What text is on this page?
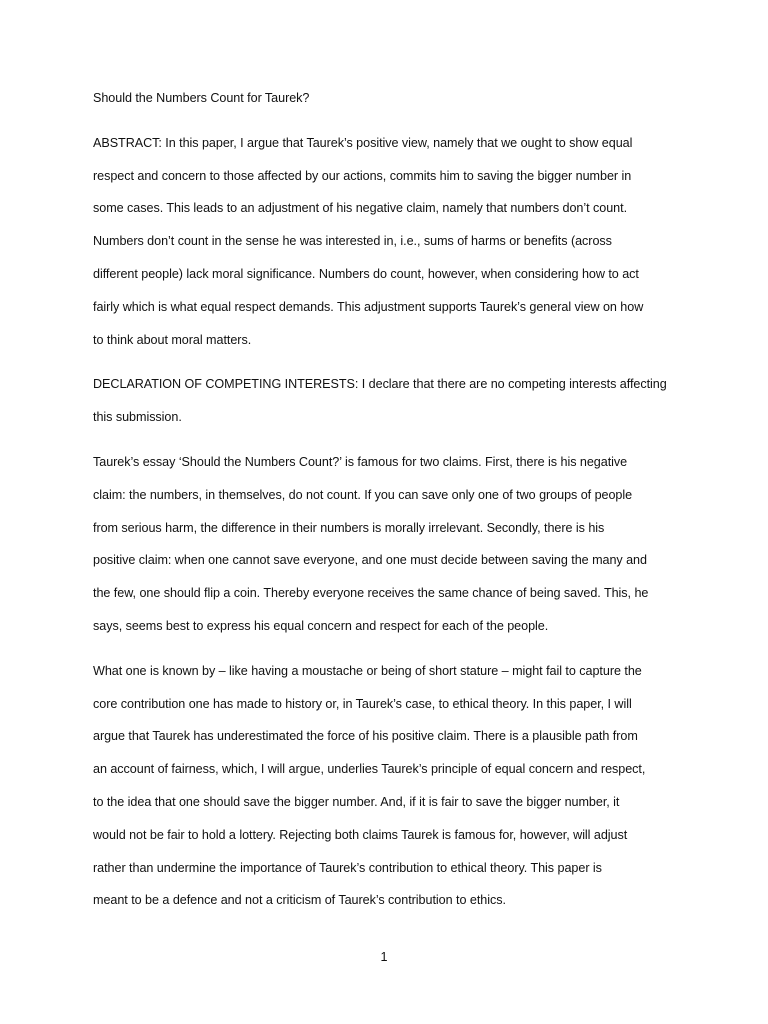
Should the Numbers Count for Taurek?
ABSTRACT: In this paper, I argue that Taurek’s positive view, namely that we ought to show equal
respect and concern to those affected by our actions, commits him to saving the bigger number in
some cases. This leads to an adjustment of his negative claim, namely that numbers don’t count.
Numbers don’t count in the sense he was interested in, i.e., sums of harms or benefits (across
different people) lack moral significance. Numbers do count, however, when considering how to act
fairly which is what equal respect demands. This adjustment supports Taurek’s general view on how
to think about moral matters.
DECLARATION OF COMPETING INTERESTS: I declare that there are no competing interests affecting
this submission.
Taurek’s essay ‘Should the Numbers Count?’ is famous for two claims. First, there is his negative
claim: the numbers, in themselves, do not count. If you can save only one of two groups of people
from serious harm, the difference in their numbers is morally irrelevant. Secondly, there is his
positive claim: when one cannot save everyone, and one must decide between saving the many and
the few, one should flip a coin. Thereby everyone receives the same chance of being saved. This, he
says, seems best to express his equal concern and respect for each of the people.
What one is known by – like having a moustache or being of short stature – might fail to capture the
core contribution one has made to history or, in Taurek’s case, to ethical theory. In this paper, I will
argue that Taurek has underestimated the force of his positive claim. There is a plausible path from
an account of fairness, which, I will argue, underlies Taurek’s principle of equal concern and respect,
to the idea that one should save the bigger number. And, if it is fair to save the bigger number, it
would not be fair to hold a lottery. Rejecting both claims Taurek is famous for, however, will adjust
rather than undermine the importance of Taurek’s contribution to ethical theory. This paper is
meant to be a defence and not a criticism of Taurek’s contribution to ethics.
1
